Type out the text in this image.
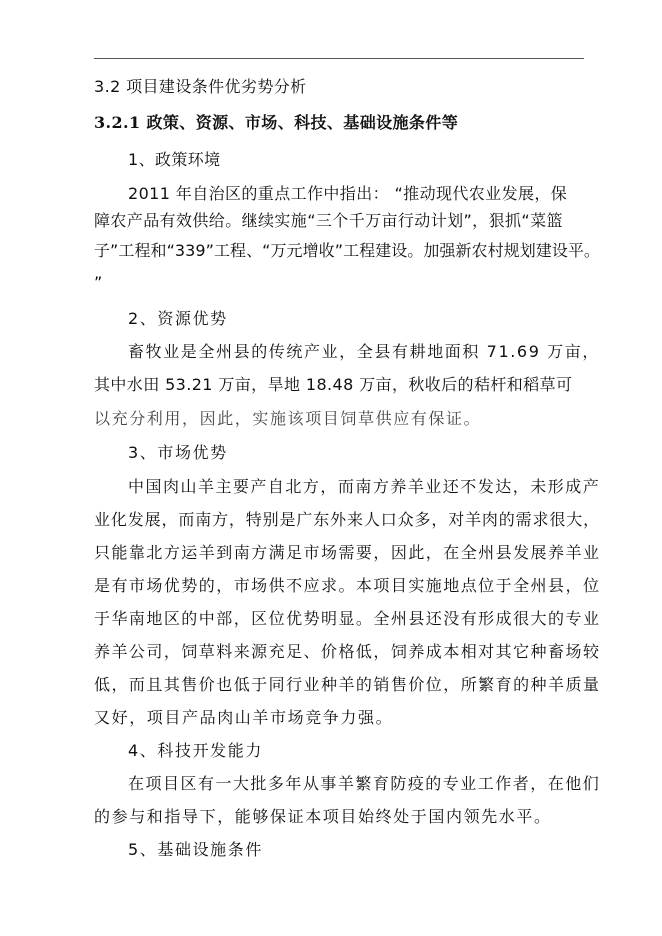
3.2 项目建设条件优劣势分析
3.2.1 政策、资源、市场、科技、基础设施条件等
1、政策环境
2011 年自治区的重点工作中指出： “推动现代农业发展，保
障农产品有效供给。继续实施“三个千万亩行动计划”，狠抓“菜篮
子”工程和“339”工程、“万元增收”工程建设。加强新农村规划建设平。
”
2、资源优势
畜牧业是全州县的传统产业，全县有耕地面积 71.69 万亩，
其中水田 53.21 万亩，旱地 18.48 万亩，秋收后的秸杆和稻草可
以充分利用，因此，实施该项目饲草供应有保证。
3、市场优势
中国肉山羊主要产自北方，而南方养羊业还不发达，未形成产
业化发展，而南方，特别是广东外来人口众多，对羊肉的需求很大，
只能靠北方运羊到南方满足市场需要，因此，在全州县发展养羊业
是有市场优势的，市场供不应求。本项目实施地点位于全州县，位
于华南地区的中部，区位优势明显。全州县还没有形成很大的专业
养羊公司，饲草料来源充足、价格低，饲养成本相对其它种畜场较
低，而且其售价也低于同行业种羊的销售价位，所繁育的种羊质量
又好，项目产品肉山羊市场竞争力强。
4、科技开发能力
在项目区有一大批多年从事羊繁育防疫的专业工作者，在他们
的参与和指导下，能够保证本项目始终处于国内领先水平。
5、基础设施条件
